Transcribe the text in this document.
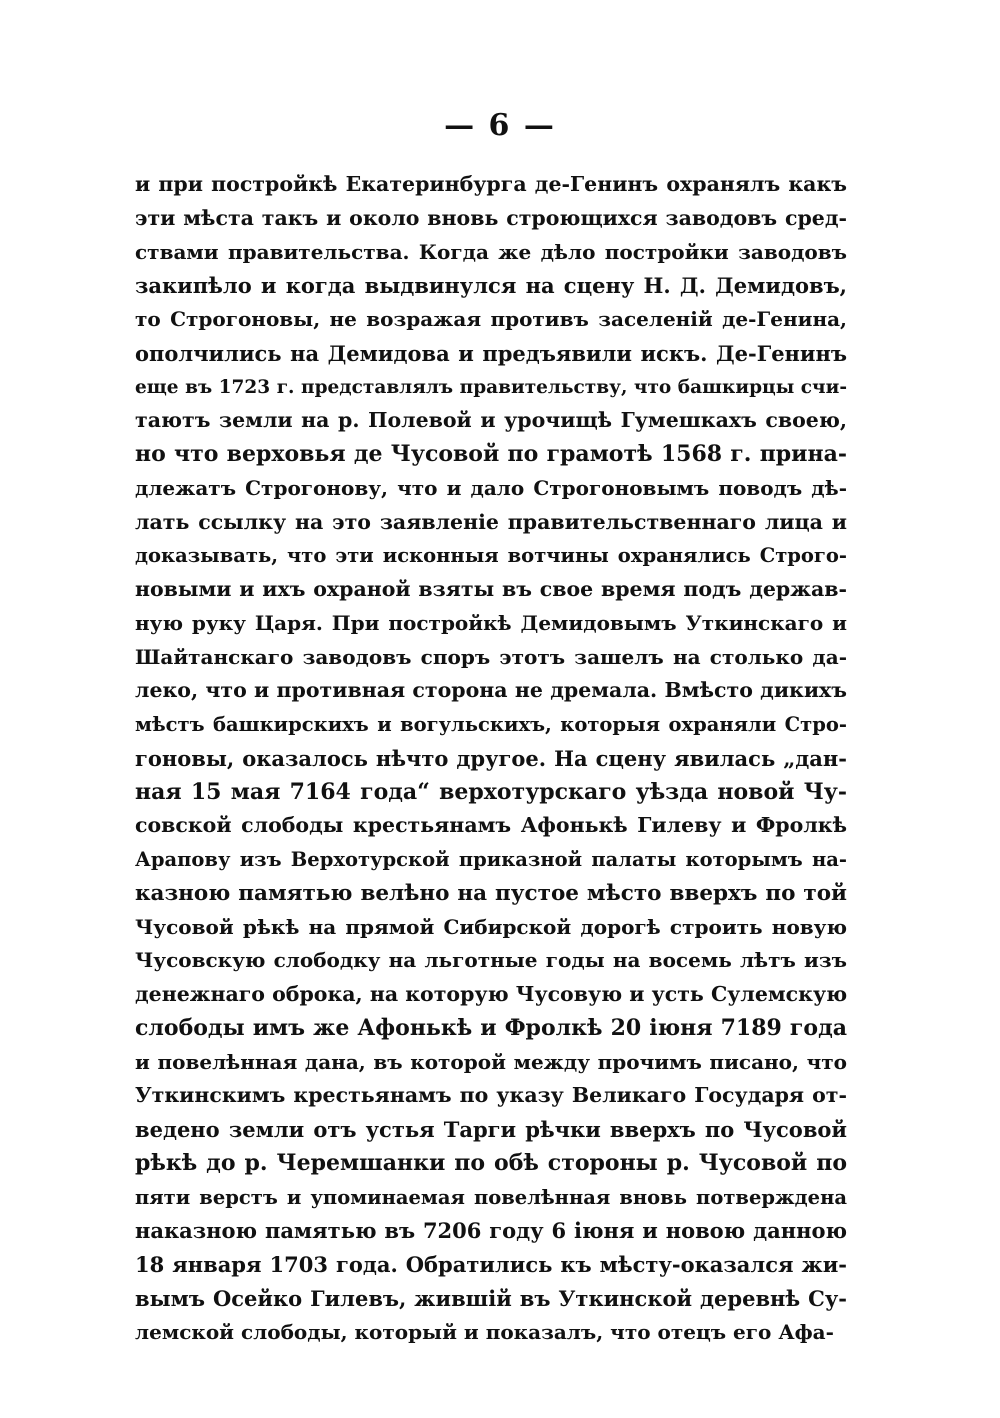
— 6 —
и при постройкѣ Екатеринбурга де-Генинъ охранялъ какъ
эти мѣста такъ и около вновь строющихся заводовъ сред-
ствами правительства. Когда же дѣло постройки заводовъ
закипѣло и когда выдвинулся на сцену Н. Д. Демидовъ,
то Строгоновы, не возражая противъ заселеній де-Генина,
ополчились на Демидова и предъявили искъ. Де-Генинъ
еще въ 1723 г. представлялъ правительству, что башкирцы счи-
таютъ земли на р. Полевой и урочищѣ Гумешкахъ своею,
но что верховья де Чусовой по грамотѣ 1568 г. прина-
длежатъ Строгонову, что и дало Строгоновымъ поводъ дѣ-
лать ссылку на это заявленіе правительственнаго лица и
доказывать, что эти исконныя вотчины охранялись Строго-
новыми и ихъ охраной взяты въ свое время подъ держав-
ную руку Царя. При постройкѣ Демидовымъ Уткинскаго и
Шайтанскаго заводовъ споръ этотъ зашелъ на столько да-
леко, что и противная сторона не дремала. Вмѣсто дикихъ
мѣстъ башкирскихъ и вогульскихъ, которыя охраняли Стро-
гоновы, оказалось нѣчто другое. На сцену явилась „дан-
ная 15 мая 7164 года“ верхотурскаго уѣзда новой Чу-
совской слободы крестьянамъ Афонькѣ Гилеву и Фролкѣ
Арапову изъ Верхотурской приказной палаты которымъ на-
казною памятью велѣно на пустое мѣсто вверхъ по той
Чусовой рѣкѣ на прямой Сибирской дорогѣ строить новую
Чусовскую слободку на льготные годы на восемь лѣтъ изъ
денежнаго оброка, на которую Чусовую и усть Сулемскую
слободы имъ же Афонькѣ и Фролкѣ 20 іюня 7189 года
и повелѣнная дана, въ которой между прочимъ писано, что
Уткинскимъ крестьянамъ по указу Великаго Государя от-
ведено земли отъ устья Тарги рѣчки вверхъ по Чусовой
рѣкѣ до р. Черемшанки по обѣ стороны р. Чусовой по
пяти верстъ и упоминаемая повелѣнная вновь потверждена
наказною памятью въ 7206 году 6 іюня и новою данною
18 января 1703 года. Обратились къ мѣсту-оказался жи-
вымъ Осейко Гилевъ, жившій въ Уткинской деревнѣ Су-
лемской слободы, который и показалъ, что отецъ его Афа-
